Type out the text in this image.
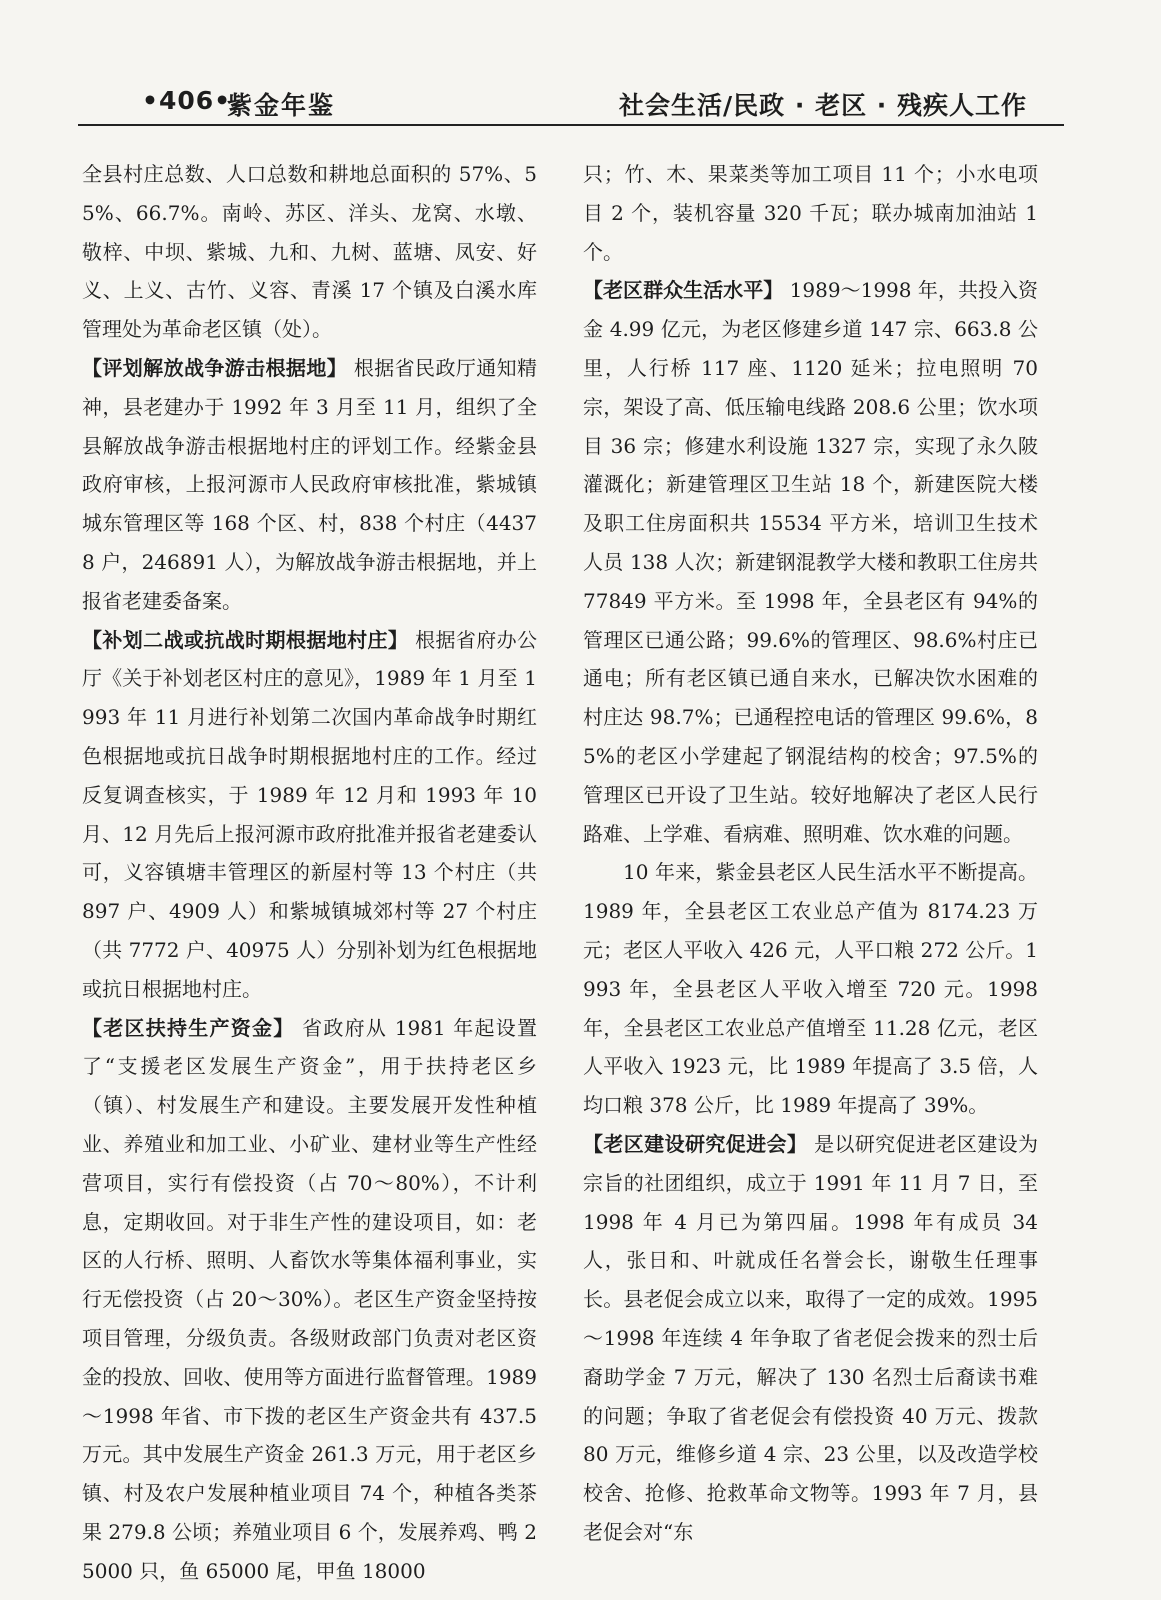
•406•
紫金年鉴	社会生活/民政 · 老区 · 残疾人工作

全县村庄总数、人口总数和耕地总面积的 57%、55%、66.7%。南岭、苏区、洋头、龙窝、水墩、敬梓、中坝、紫城、九和、九树、蓝塘、凤安、好义、上义、古竹、义容、青溪 17 个镇及白溪水库管理处为革命老区镇（处）。

【评划解放战争游击根据地】 根据省民政厅通知精神，县老建办于 1992 年 3 月至 11 月，组织了全县解放战争游击根据地村庄的评划工作。经紫金县政府审核，上报河源市人民政府审核批准，紫城镇城东管理区等 168 个区、村，838 个村庄（44378 户，246891 人），为解放战争游击根据地，并上报省老建委备案。

【补划二战或抗战时期根据地村庄】 根据省府办公厅《关于补划老区村庄的意见》，1989 年 1 月至 1993 年 11 月进行补划第二次国内革命战争时期红色根据地或抗日战争时期根据地村庄的工作。经过反复调查核实，于 1989 年 12 月和 1993 年 10 月、12 月先后上报河源市政府批准并报省老建委认可，义容镇塘丰管理区的新屋村等 13 个村庄（共 897 户、4909 人）和紫城镇城郊村等 27 个村庄（共 7772 户、40975 人）分别补划为红色根据地或抗日根据地村庄。

【老区扶持生产资金】 省政府从 1981 年起设置了“支援老区发展生产资金”，用于扶持老区乡（镇）、村发展生产和建设。主要发展开发性种植业、养殖业和加工业、小矿业、建材业等生产性经营项目，实行有偿投资（占 70～80%），不计利息，定期收回。对于非生产性的建设项目，如：老区的人行桥、照明、人畜饮水等集体福利事业，实行无偿投资（占 20～30%）。老区生产资金坚持按项目管理，分级负责。各级财政部门负责对老区资金的投放、回收、使用等方面进行监督管理。1989～1998 年省、市下拨的老区生产资金共有 437.5 万元。其中发展生产资金 261.3 万元，用于老区乡镇、村及农户发展种植业项目 74 个，种植各类茶果 279.8 公顷；养殖业项目 6 个，发展养鸡、鸭 25000 只，鱼 65000 尾，甲鱼 18000

只；竹、木、果菜类等加工项目 11 个；小水电项目 2 个，装机容量 320 千瓦；联办城南加油站 1 个。

【老区群众生活水平】 1989～1998 年，共投入资金 4.99 亿元，为老区修建乡道 147 宗、663.8 公里，人行桥 117 座、1120 延米；拉电照明 70 宗，架设了高、低压输电线路 208.6 公里；饮水项目 36 宗；修建水利设施 1327 宗，实现了永久陂灌溉化；新建管理区卫生站 18 个，新建医院大楼及职工住房面积共 15534 平方米，培训卫生技术人员 138 人次；新建钢混教学大楼和教职工住房共 77849 平方米。至 1998 年，全县老区有 94%的管理区已通公路；99.6%的管理区、98.6%村庄已通电；所有老区镇已通自来水，已解决饮水困难的村庄达 98.7%；已通程控电话的管理区 99.6%，85%的老区小学建起了钢混结构的校舍；97.5%的管理区已开设了卫生站。较好地解决了老区人民行路难、上学难、看病难、照明难、饮水难的问题。

10 年来，紫金县老区人民生活水平不断提高。1989 年，全县老区工农业总产值为 8174.23 万元；老区人平收入 426 元，人平口粮 272 公斤。1993 年，全县老区人平收入增至 720 元。1998 年，全县老区工农业总产值增至 11.28 亿元，老区人平收入 1923 元，比 1989 年提高了 3.5 倍，人均口粮 378 公斤，比 1989 年提高了 39%。

【老区建设研究促进会】 是以研究促进老区建设为宗旨的社团组织，成立于 1991 年 11 月 7 日，至 1998 年 4 月已为第四届。1998 年有成员 34 人，张日和、叶就成任名誉会长，谢敬生任理事长。县老促会成立以来，取得了一定的成效。1995～1998 年连续 4 年争取了省老促会拨来的烈士后裔助学金 7 万元，解决了 130 名烈士后裔读书难的问题；争取了省老促会有偿投资 40 万元、拨款 80 万元，维修乡道 4 宗、23 公里，以及改造学校校舍、抢修、抢救革命文物等。1993 年 7 月，县老促会对“东
